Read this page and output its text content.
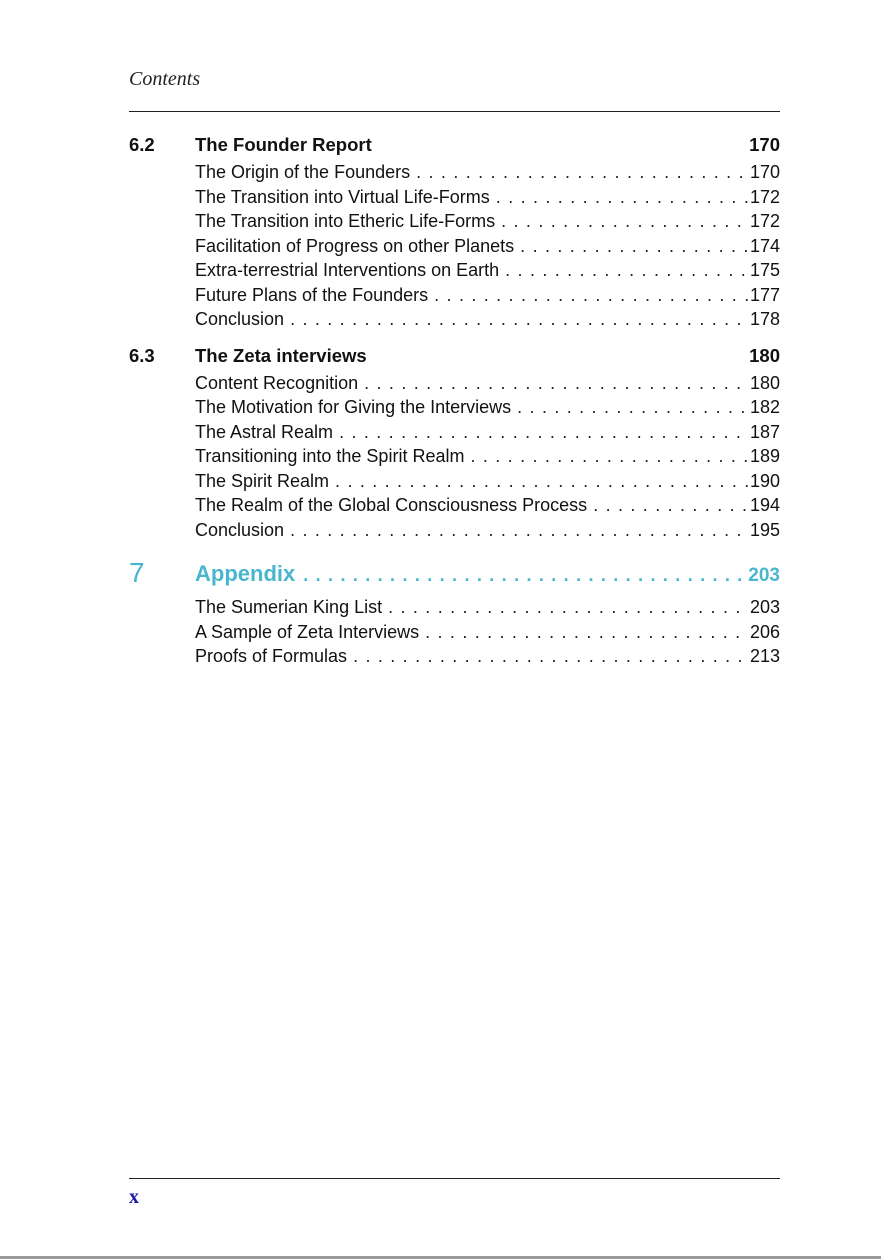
Contents
6.2 The Founder Report	170
The Origin of the Founders . . .	170
The Transition into Virtual Life-Forms . . .	172
The Transition into Etheric Life-Forms . . .	172
Facilitation of Progress on other Planets . . .	174
Extra-terrestrial Interventions on Earth . . .	175
Future Plans of the Founders . . .	177
Conclusion . . .	178
6.3 The Zeta interviews	180
Content Recognition . . .	180
The Motivation for Giving the Interviews . . .	182
The Astral Realm . . .	187
Transitioning into the Spirit Realm . . .	189
The Spirit Realm . . .	190
The Realm of the Global Consciousness Process . . .	194
Conclusion . . .	195
7 Appendix . . .	203
The Sumerian King List . . .	203
A Sample of Zeta Interviews . . .	206
Proofs of Formulas . . .	213
x
